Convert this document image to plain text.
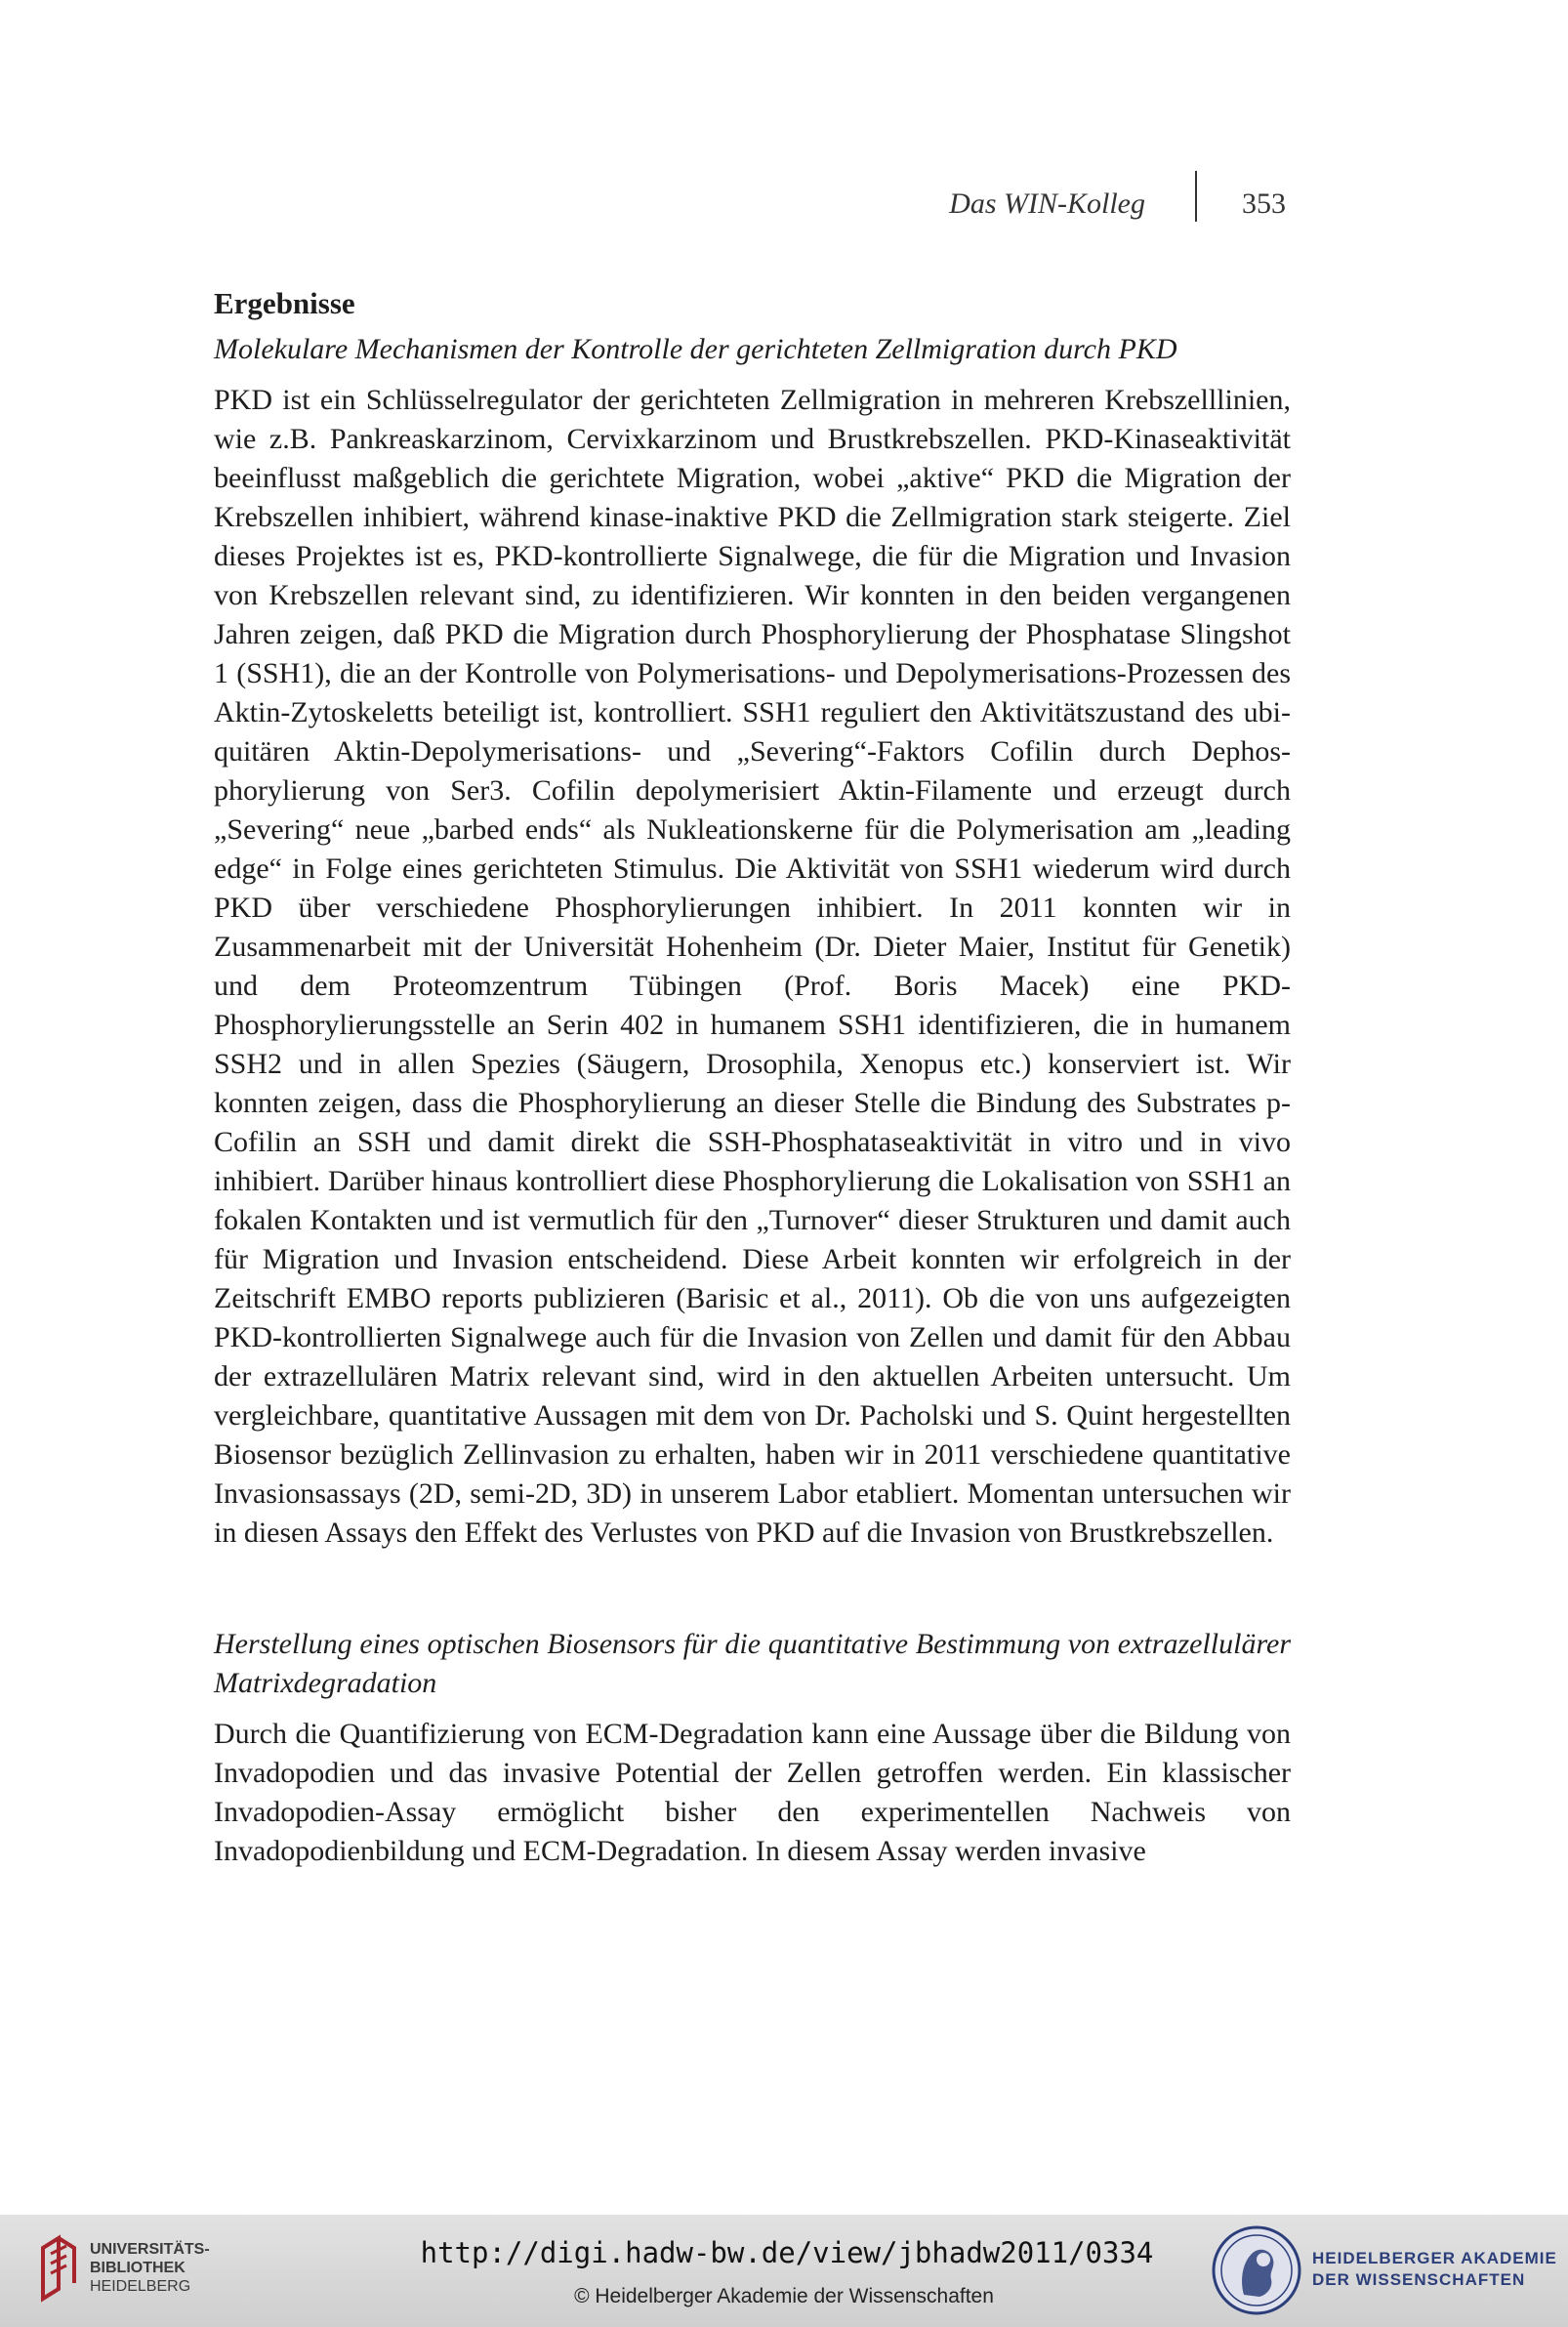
Das WIN-Kolleg	353
Ergebnisse

Molekulare Mechanismen der Kontrolle der gerichteten Zellmigration durch PKD

PKD ist ein Schlüsselregulator der gerichteten Zellmigration in mehreren Krebszelllinien, wie z.B. Pankreaskarzinom, Cervixkarzinom und Brustkrebszellen. PKD-Kinaseaktivität beeinflusst maßgeblich die gerichtete Migration, wobei „aktive“ PKD die Migration der Krebszellen inhibiert, während kinase-inaktive PKD die Zellmigration stark steigerte. Ziel dieses Projektes ist es, PKD-kontrollierte Signalwege, die für die Migration und Invasion von Krebszellen relevant sind, zu identifizieren. Wir konnten in den beiden vergangenen Jahren zeigen, daß PKD die Migration durch Phosphorylierung der Phosphatase Slingshot 1 (SSH1), die an der Kontrolle von Polymerisations- und Depolymerisations-Prozessen des Aktin-Zytoskeletts beteiligt ist, kontrolliert. SSH1 reguliert den Aktivitätszustand des ubiquitären Aktin-Depolymerisations- und „Severing“-Faktors Cofilin durch Dephosphorylierung von Ser3. Cofilin depolymerisiert Aktin-Filamente und erzeugt durch „Severing“ neue „barbed ends“ als Nukleationskerne für die Polymerisation am „leading edge“ in Folge eines gerichteten Stimulus. Die Aktivität von SSH1 wiederum wird durch PKD über verschiedene Phosphorylierungen inhibiert. In 2011 konnten wir in Zusammenarbeit mit der Universität Hohenheim (Dr. Dieter Maier, Institut für Genetik) und dem Proteomzentrum Tübingen (Prof. Boris Macek) eine PKD-Phosphorylierungsstelle an Serin 402 in humanem SSH1 identifizieren, die in humanem SSH2 und in allen Spezies (Säugern, Drosophila, Xenopus etc.) konserviert ist. Wir konnten zeigen, dass die Phosphorylierung an dieser Stelle die Bindung des Substrates p-Cofilin an SSH und damit direkt die SSH-Phosphataseaktivität in vitro und in vivo inhibiert. Darüber hinaus kontrolliert diese Phosphorylierung die Lokalisation von SSH1 an fokalen Kontakten und ist vermutlich für den „Turnover“ dieser Strukturen und damit auch für Migration und Invasion entscheidend. Diese Arbeit konnten wir erfolgreich in der Zeitschrift EMBO reports publizieren (Barisic et al., 2011). Ob die von uns aufgezeigten PKD-kontrollierten Signalwege auch für die Invasion von Zellen und damit für den Abbau der extrazellulären Matrix relevant sind, wird in den aktuellen Arbeiten untersucht. Um vergleichbare, quantitative Aussagen mit dem von Dr. Pacholski und S. Quint hergestellten Biosensor bezüglich Zellinvasion zu erhalten, haben wir in 2011 verschiedene quantitative Invasionsassays (2D, semi-2D, 3D) in unserem Labor etabliert. Momentan untersuchen wir in diesen Assays den Effekt des Verlustes von PKD auf die Invasion von Brustkrebszellen.

Herstellung eines optischen Biosensors für die quantitative Bestimmung von extrazellulärer Matrixdegradation

Durch die Quantifizierung von ECM-Degradation kann eine Aussage über die Bildung von Invadopodien und das invasive Potential der Zellen getroffen werden. Ein klassischer Invadopodien-Assay ermöglicht bisher den experimentellen Nachweis von Invadopodienbildung und ECM-Degradation. In diesem Assay werden invasive

UNIVERSITÄTS-
BIBLIOTHEK
HEIDELBERG
http://digi.hadw-bw.de/view/jbhadw2011/0334
© Heidelberger Akademie der Wissenschaften
HEIDELBERGER AKADEMIE
DER WISSENSCHAFTEN
